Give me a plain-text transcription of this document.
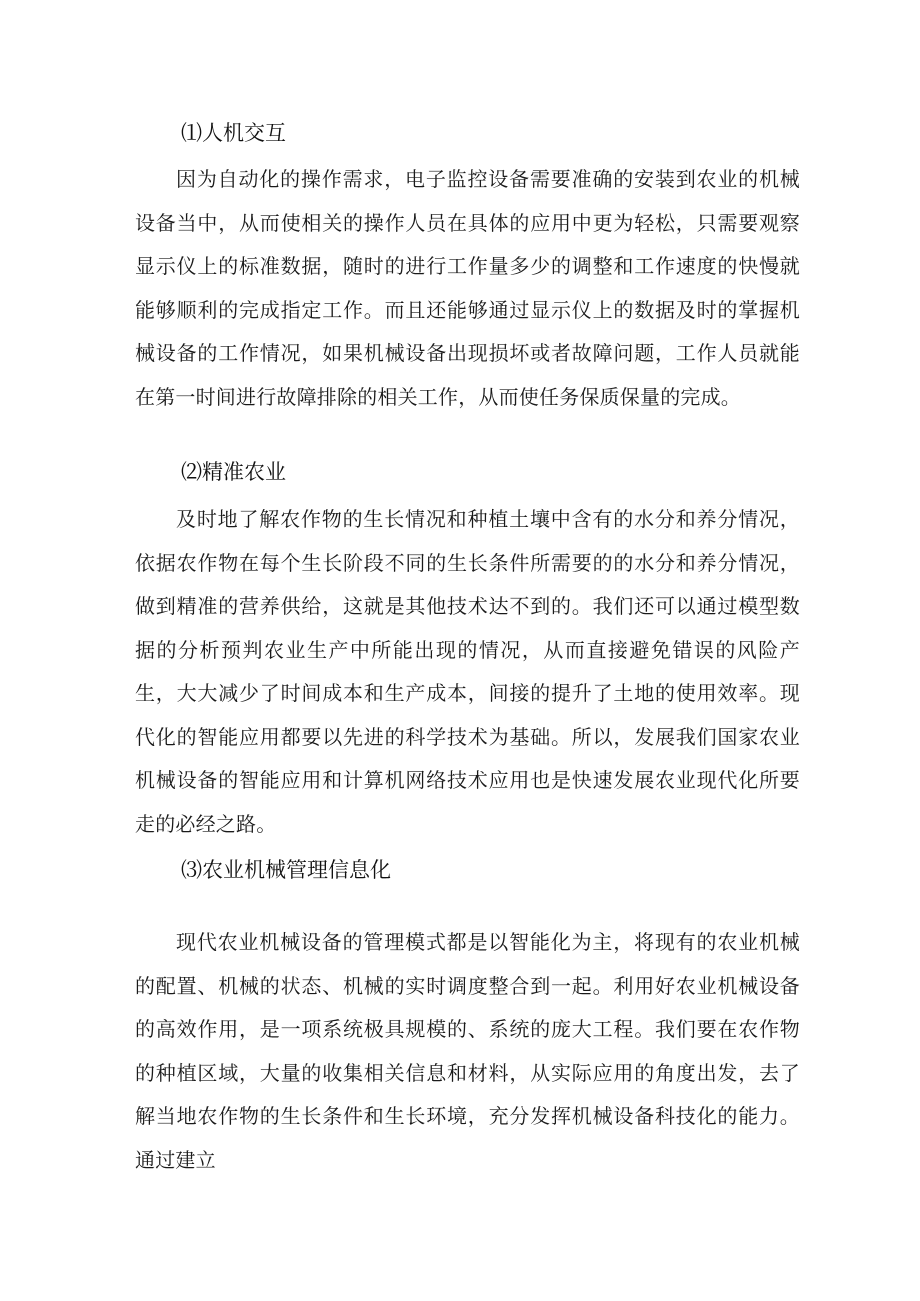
⑴人机交互

因为自动化的操作需求，电子监控设备需要准确的安装到农业的机械设备当中，从而使相关的操作人员在具体的应用中更为轻松，只需要观察显示仪上的标准数据，随时的进行工作量多少的调整和工作速度的快慢就能够顺利的完成指定工作。而且还能够通过显示仪上的数据及时的掌握机械设备的工作情况，如果机械设备出现损坏或者故障问题，工作人员就能在第一时间进行故障排除的相关工作，从而使任务保质保量的完成。

⑵精准农业

及时地了解农作物的生长情况和种植土壤中含有的水分和养分情况，依据农作物在每个生长阶段不同的生长条件所需要的的水分和养分情况，做到精准的营养供给，这就是其他技术达不到的。我们还可以通过模型数据的分析预判农业生产中所能出现的情况，从而直接避免错误的风险产生，大大减少了时间成本和生产成本，间接的提升了土地的使用效率。现代化的智能应用都要以先进的科学技术为基础。所以，发展我们国家农业机械设备的智能应用和计算机网络技术应用也是快速发展农业现代化所要走的必经之路。

⑶农业机械管理信息化

现代农业机械设备的管理模式都是以智能化为主，将现有的农业机械的配置、机械的状态、机械的实时调度整合到一起。利用好农业机械设备的高效作用，是一项系统极具规模的、系统的庞大工程。我们要在农作物的种植区域，大量的收集相关信息和材料，从实际应用的角度出发，去了解当地农作物的生长条件和生长环境，充分发挥机械设备科技化的能力。通过建立
